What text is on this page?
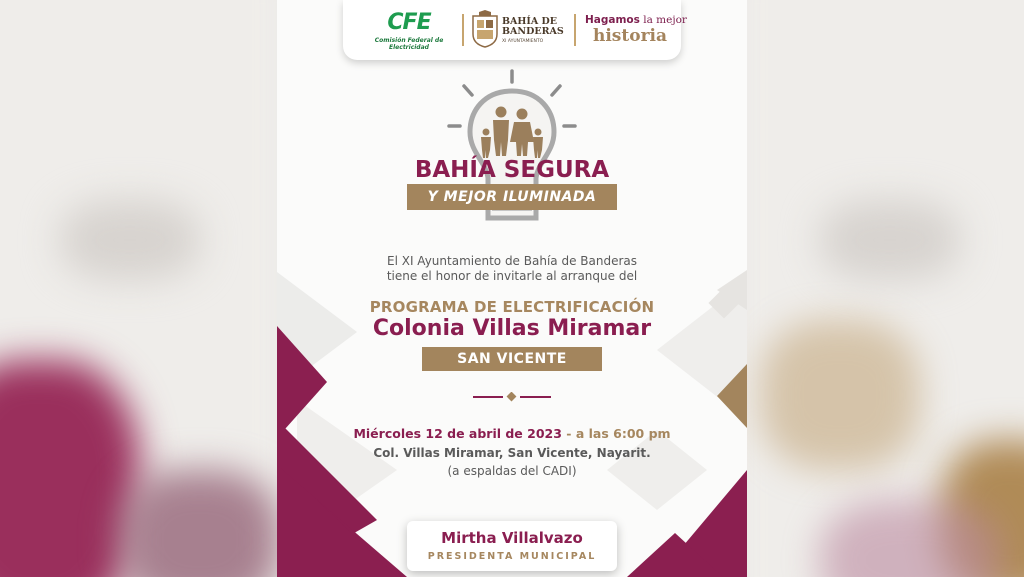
CFE
Comisión Federal de Electricidad
BAHÍA DE BANDERAS
XI AYUNTAMIENTO
Hagamos la mejor
historia
BAHÍA SEGURA
Y MEJOR ILUMINADA
El XI Ayuntamiento de Bahía de Banderas
tiene el honor de invitarle al arranque del
PROGRAMA DE ELECTRIFICACIÓN
Colonia Villas Miramar
SAN VICENTE
Miércoles 12 de abril de 2023 - a las 6:00 pm
Col. Villas Miramar, San Vicente, Nayarit.
(a espaldas del CADI)
Mirtha Villalvazo
PRESIDENTA MUNICIPAL
